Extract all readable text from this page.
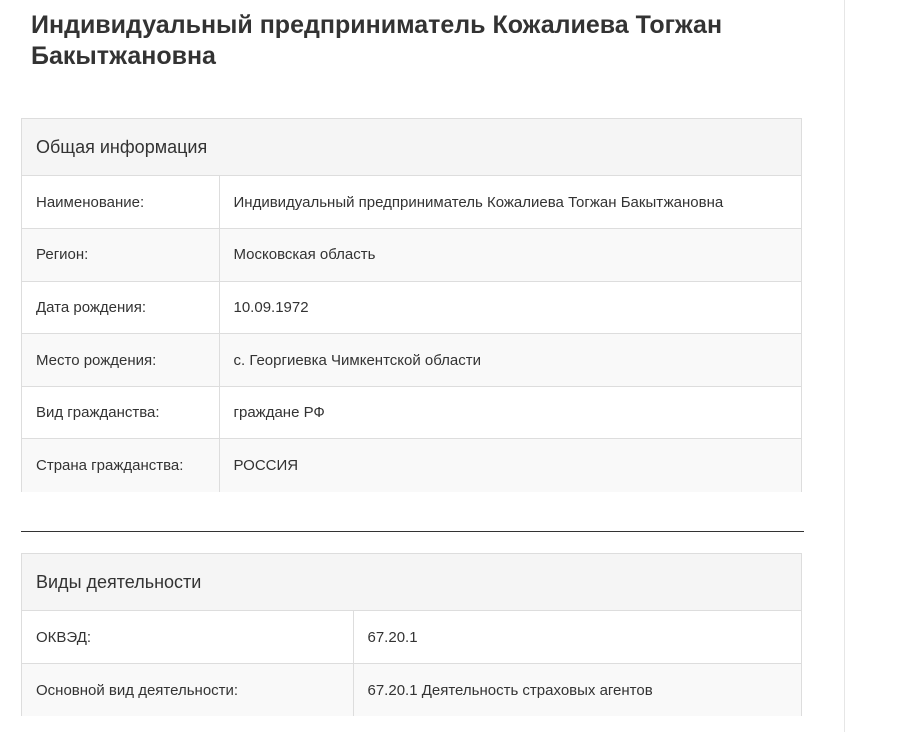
Индивидуальный предприниматель Кожалиева Тогжан Бакытжановна
Общая информация
Наименование:	Индивидуальный предприниматель Кожалиева Тогжан Бакытжановна
Регион:	Московская область
Дата рождения:	10.09.1972
Место рождения:	с. Георгиевка Чимкентской области
Вид гражданства:	граждане РФ
Страна гражданства:	РОССИЯ
Виды деятельности
ОКВЭД:	67.20.1
Основной вид деятельности:	67.20.1 Деятельность страховых агентов
